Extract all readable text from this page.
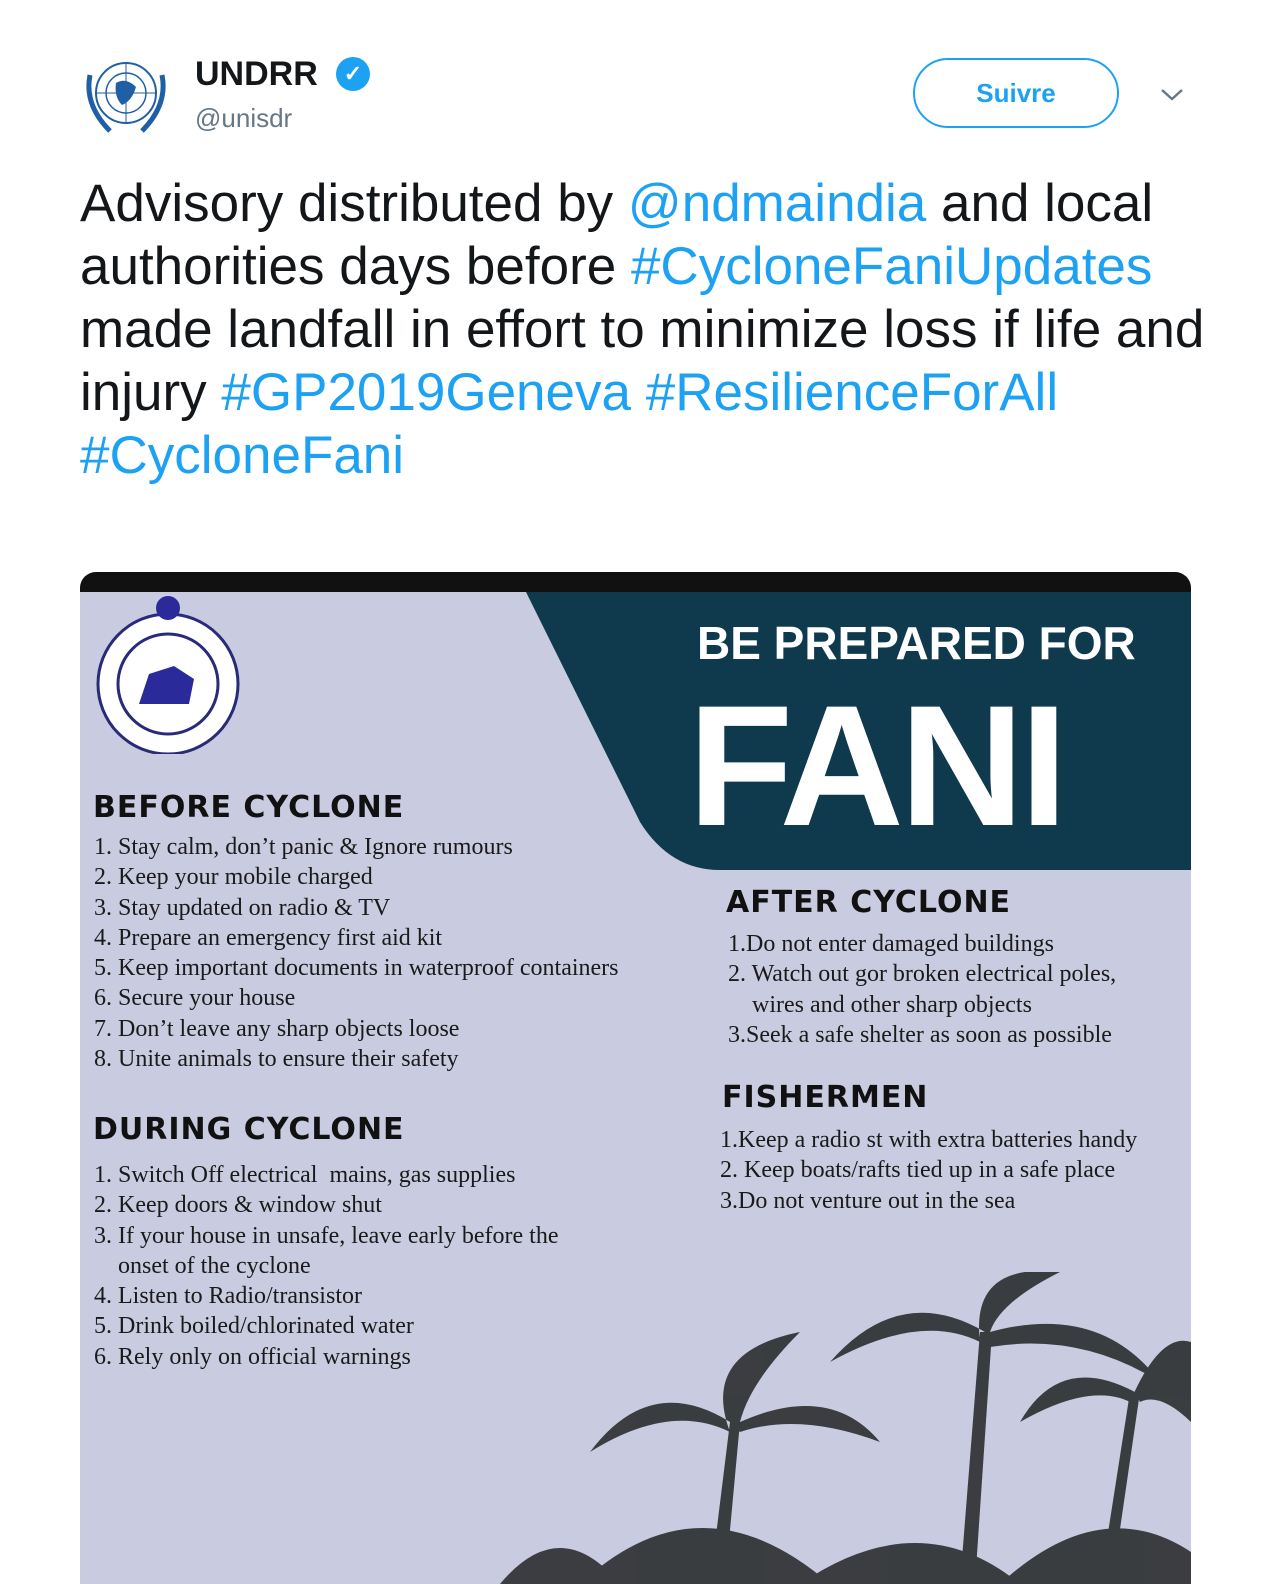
UNDRR	✓
@unisdr
Suivre
Advisory distributed by @ndmaindia and local authorities days before #CycloneFaniUpdates made landfall in effort to minimize loss if life and injury #GP2019Geneva #ResilienceForAll #CycloneFani
BEFORE CYCLONE
1. Stay calm, don’t panic & Ignore rumours
2. Keep your mobile charged
3. Stay updated on radio & TV
4. Prepare an emergency first aid kit
5. Keep important documents in waterproof containers
6. Secure your house
7. Don’t leave any sharp objects loose
8. Unite animals to ensure their safety
DURING CYCLONE
1. Switch Off electrical  mains, gas supplies
2. Keep doors & window shut
3. If your house in unsafe, leave early before the
onset of the cyclone
4. Listen to Radio/transistor
5. Drink boiled/chlorinated water
6. Rely only on official warnings
AFTER CYCLONE
1.Do not enter damaged buildings
2. Watch out gor broken electrical poles,
wires and other sharp objects
3.Seek a safe shelter as soon as possible
FISHERMEN
1.Keep a radio st with extra batteries handy
2. Keep boats/rafts tied up in a safe place
3.Do not venture out in the sea
BE PREPARED FOR
FANI
